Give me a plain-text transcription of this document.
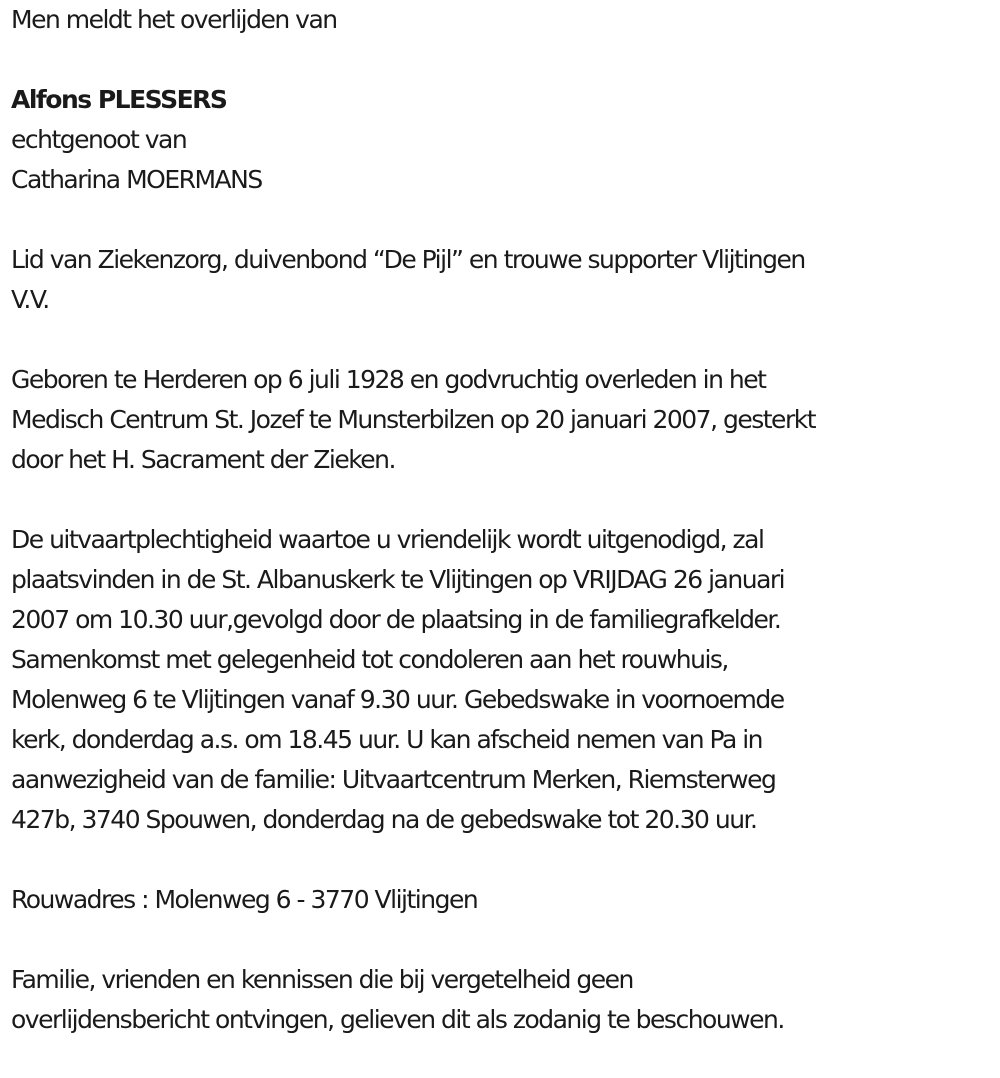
Men meldt het overlijden van

Alfons PLESSERS

echtgenoot van

Catharina MOERMANS

Lid van Ziekenzorg, duivenbond “De Pijl” en trouwe supporter Vlijtingen

V.V.

Geboren te Herderen op 6 juli 1928 en godvruchtig overleden in het

Medisch Centrum St. Jozef te Munsterbilzen op 20 januari 2007, gesterkt

door het H. Sacrament der Zieken.

De uitvaartplechtigheid waartoe u vriendelijk wordt uitgenodigd, zal

plaatsvinden in de St. Albanuskerk te Vlijtingen op VRIJDAG 26 januari

2007 om 10.30 uur,gevolgd door de plaatsing in de familiegrafkelder.

Samenkomst met gelegenheid tot condoleren aan het rouwhuis,

Molenweg 6 te Vlijtingen vanaf 9.30 uur. Gebedswake in voornoemde

kerk, donderdag a.s. om 18.45 uur. U kan afscheid nemen van Pa in

aanwezigheid van de familie: Uitvaartcentrum Merken, Riemsterweg

427b, 3740 Spouwen, donderdag na de gebedswake tot 20.30 uur.

Rouwadres : Molenweg 6 - 3770 Vlijtingen

Familie, vrienden en kennissen die bij vergetelheid geen

overlijdensbericht ontvingen, gelieven dit als zodanig te beschouwen.
